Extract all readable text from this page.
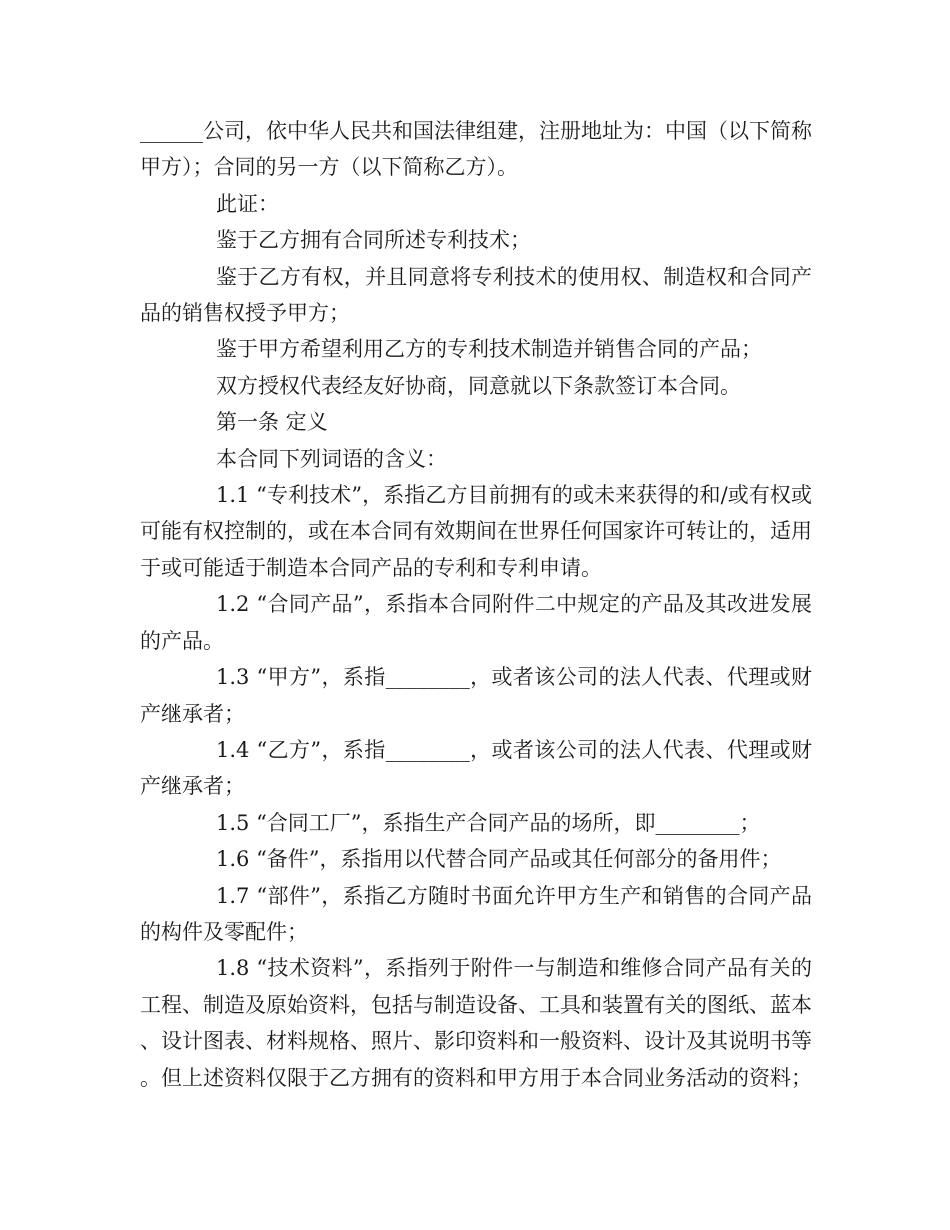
______公司，依中华人民共和国法律组建，注册地址为：中国（以下简称甲方）；合同的另一方（以下简称乙方）。

此证：

鉴于乙方拥有合同所述专利技术；

鉴于乙方有权，并且同意将专利技术的使用权、制造权和合同产品的销售权授予甲方；

鉴于甲方希望利用乙方的专利技术制造并销售合同的产品；

双方授权代表经友好协商，同意就以下条款签订本合同。

第一条 定义

本合同下列词语的含义：

1.1 “专利技术”，系指乙方目前拥有的或未来获得的和/或有权或可能有权控制的，或在本合同有效期间在世界任何国家许可转让的，适用于或可能适于制造本合同产品的专利和专利申请。

1.2 “合同产品”，系指本合同附件二中规定的产品及其改进发展的产品。

1.3 “甲方”，系指________，或者该公司的法人代表、代理或财产继承者；

1.4 “乙方”，系指________，或者该公司的法人代表、代理或财产继承者；

1.5 “合同工厂”，系指生产合同产品的场所，即________；

1.6 “备件”，系指用以代替合同产品或其任何部分的备用件；

1.7 “部件”，系指乙方随时书面允许甲方生产和销售的合同产品的构件及零配件；

1.8 “技术资料”，系指列于附件一与制造和维修合同产品有关的工程、制造及原始资料，包括与制造设备、工具和装置有关的图纸、蓝本、设计图表、材料规格、照片、影印资料和一般资料、设计及其说明书等。但上述资料仅限于乙方拥有的资料和甲方用于本合同业务活动的资料；
